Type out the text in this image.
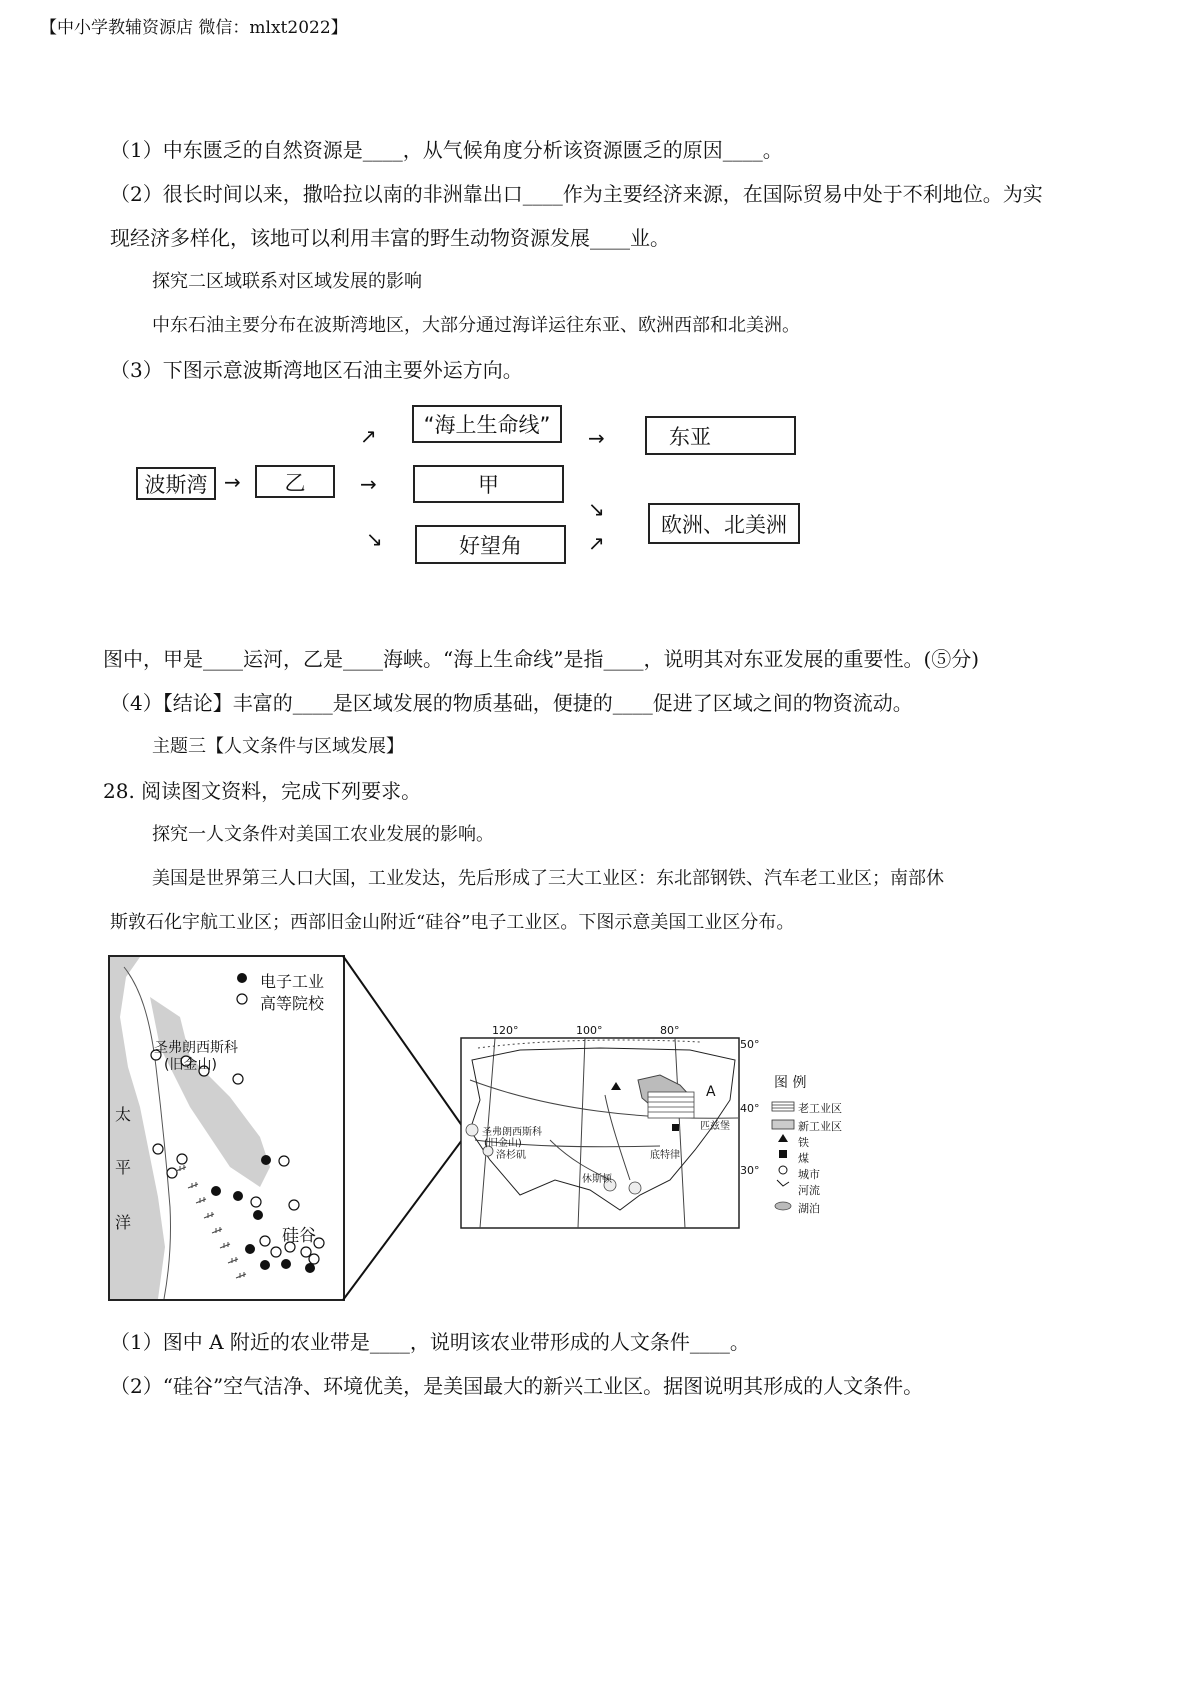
【中小学教辅资源店 微信：mlxt2022】
（1）中东匮乏的自然资源是____，从气候角度分析该资源匮乏的原因____。
（2）很长时间以来，撒哈拉以南的非洲靠出口____作为主要经济来源，在国际贸易中处于不利地位。为实
现经济多样化，该地可以利用丰富的野生动物资源发展____业。
探究二区域联系对区域发展的影响
中东石油主要分布在波斯湾地区，大部分通过海详运往东亚、欧洲西部和北美洲。
（3）下图示意波斯湾地区石油主要外运方向。
波斯湾 →	乙
↗
→
↘
“海上生命线”
甲
好望角
→
↘
↗
东亚
欧洲、北美洲
图中，甲是____运河，乙是____海峡。“海上生命线”是指____，说明其对东亚发展的重要性。(⑤分)
（4）【结论】丰富的____是区域发展的物质基础，便捷的____促进了区域之间的物资流动。
主题三【人文条件与区域发展】
28. 阅读图文资料，完成下列要求。
探究一人文条件对美国工农业发展的影响。
美国是世界第三人口大国，工业发达，先后形成了三大工业区：东北部钢铁、汽车老工业区；南部休
斯敦石化宇航工业区；西部旧金山附近“硅谷”电子工业区。下图示意美国工业区分布。
电子工业
高等院校
圣弗朗西斯科
(旧金山)
太
平
洋
硅谷
120°	100°	80°
50°
40°
30°
A
圣弗朗西斯科
(旧金山)
洛杉矶
休斯顿
底特律
匹兹堡
图 例
老工业区
新工业区
铁
煤
城市
河流
湖泊
（1）图中 A 附近的农业带是____，说明该农业带形成的人文条件____。
（2）“硅谷”空气洁净、环境优美，是美国最大的新兴工业区。据图说明其形成的人文条件。
